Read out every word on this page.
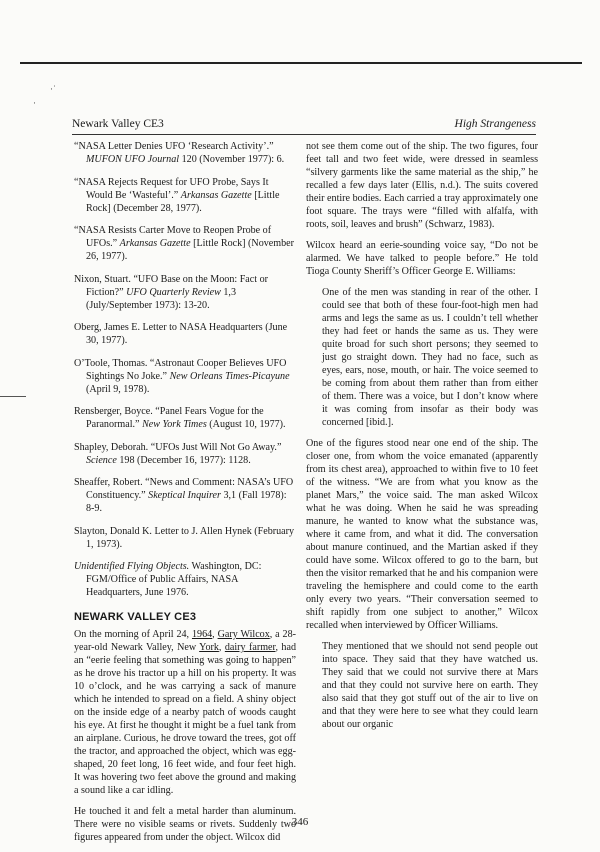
·˙
·
Newark Valley CE3	High Strangeness

“NASA Letter Denies UFO ‘Research Activity’.” MUFON UFO Journal 120 (November 1977): 6.

“NASA Rejects Request for UFO Probe, Says It Would Be ‘Wasteful’.” Arkansas Gazette [Little Rock] (December 28, 1977).

“NASA Resists Carter Move to Reopen Probe of UFOs.” Arkansas Gazette [Little Rock] (November 26, 1977).

Nixon, Stuart. “UFO Base on the Moon: Fact or Fiction?” UFO Quarterly Review 1,3 (July/September 1973): 13-20.

Oberg, James E. Letter to NASA Headquarters (June 30, 1977).

O’Toole, Thomas. “Astronaut Cooper Believes UFO Sightings No Joke.” New Orleans Times-Picayune (April 9, 1978).

Rensberger, Boyce. “Panel Fears Vogue for the Paranormal.” New York Times (August 10, 1977).

Shapley, Deborah. “UFOs Just Will Not Go Away.” Science 198 (December 16, 1977): 1128.

Sheaffer, Robert. “News and Comment: NASA’s UFO Constituency.” Skeptical Inquirer 3,1 (Fall 1978): 8-9.

Slayton, Donald K. Letter to J. Allen Hynek (February 1, 1973).

Unidentified Flying Objects. Washington, DC: FGM/Office of Public Affairs, NASA Headquarters, June 1976.

NEWARK VALLEY CE3

On the morning of April 24, 1964, Gary Wilcox, a 28-year-old Newark Valley, New York, dairy farmer, had an “eerie feeling that something was going to happen” as he drove his tractor up a hill on his property. It was 10 o’clock, and he was carrying a sack of manure which he intended to spread on a field. A shiny object on the inside edge of a nearby patch of woods caught his eye. At first he thought it might be a fuel tank from an airplane. Curious, he drove toward the trees, got off the tractor, and approached the object, which was egg-shaped, 20 feet long, 16 feet wide, and four feet high. It was hovering two feet above the ground and making a sound like a car idling.

He touched it and felt a metal harder than aluminum. There were no visible seams or rivets. Suddenly two figures appeared from under the object. Wilcox did

not see them come out of the ship. The two figures, four feet tall and two feet wide, were dressed in seamless “silvery garments like the same material as the ship,” he recalled a few days later (Ellis, n.d.). The suits covered their entire bodies. Each carried a tray approximately one foot square. The trays were “filled with alfalfa, with roots, soil, leaves and brush” (Schwarz, 1983).

Wilcox heard an eerie-sounding voice say, “Do not be alarmed. We have talked to people before.” He told Tioga County Sheriff’s Officer George E. Williams:

One of the men was standing in rear of the other. I could see that both of these four-foot-high men had arms and legs the same as us. I couldn’t tell whether they had feet or hands the same as us. They were quite broad for such short persons; they seemed to just go straight down. They had no face, such as eyes, ears, nose, mouth, or hair. The voice seemed to be coming from about them rather than from either of them. There was a voice, but I don’t know where it was coming from insofar as their body was concerned [ibid.].

One of the figures stood near one end of the ship. The closer one, from whom the voice emanated (apparently from its chest area), approached to within five to 10 feet of the witness. “We are from what you know as the planet Mars,” the voice said. The man asked Wilcox what he was doing. When he said he was spreading manure, he wanted to know what the substance was, where it came from, and what it did. The conversation about manure continued, and the Martian asked if they could have some. Wilcox offered to go to the barn, but then the visitor remarked that he and his companion were traveling the hemisphere and could come to the earth only every two years. “Their conversation seemed to shift rapidly from one subject to another,” Wilcox recalled when interviewed by Officer Williams.

They mentioned that we should not send people out into space. They said that they have watched us. They said that we could not survive there at Mars and that they could not survive here on earth. They also said that they got stuff out of the air to live on and that they were here to see what they could learn about our organic

346
